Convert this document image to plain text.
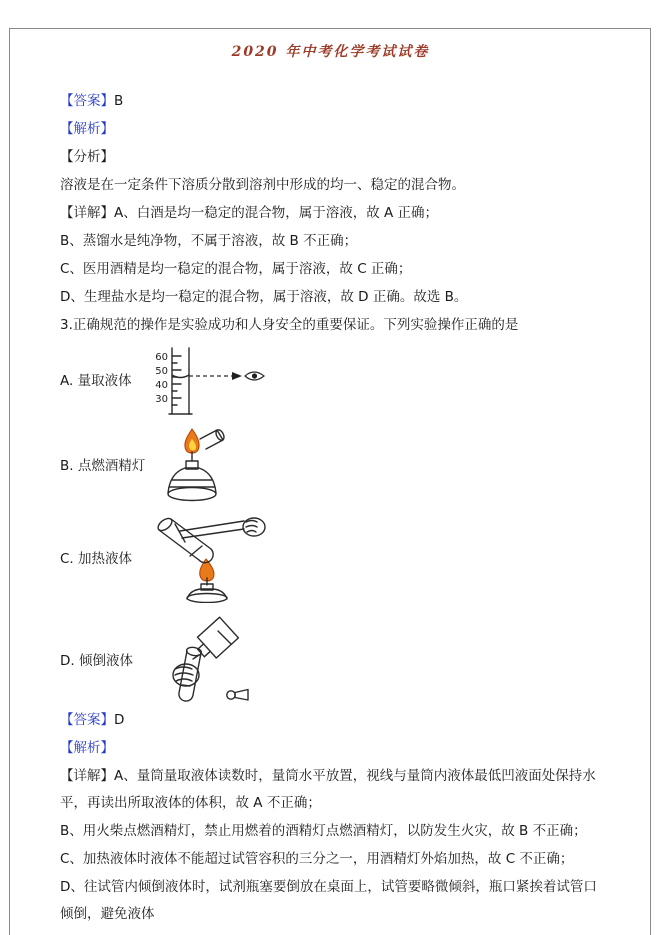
2020 年中考化学考试试卷

【答案】B

【解析】

【分析】

溶液是在一定条件下溶质分散到溶剂中形成的均一、稳定的混合物。

【详解】A、白酒是均一稳定的混合物，属于溶液，故 A 正确；

B、蒸馏水是纯净物，不属于溶液，故 B 不正确；

C、医用酒精是均一稳定的混合物，属于溶液，故 C 正确；

D、生理盐水是均一稳定的混合物，属于溶液，故 D 正确。故选 B。

3.正确规范的操作是实验成功和人身安全的重要保证。下列实验操作正确的是

A. 量取液体
60
50
40
30
B. 点燃酒精灯
C. 加热液体
D. 倾倒液体

【答案】D

【解析】

【详解】A、量筒量取液体读数时，量筒水平放置，视线与量筒内液体最低凹液面处保持水平，再读出所取液体的体积，故 A 不正确；

B、用火柴点燃酒精灯，禁止用燃着的酒精灯点燃酒精灯，以防发生火灾，故 B 不正确；

C、加热液体时液体不能超过试管容积的三分之一，用酒精灯外焰加热，故 C 不正确；

D、往试管内倾倒液体时，试剂瓶塞要倒放在桌面上，试管要略微倾斜，瓶口紧挨着试管口倾倒，避免液体
